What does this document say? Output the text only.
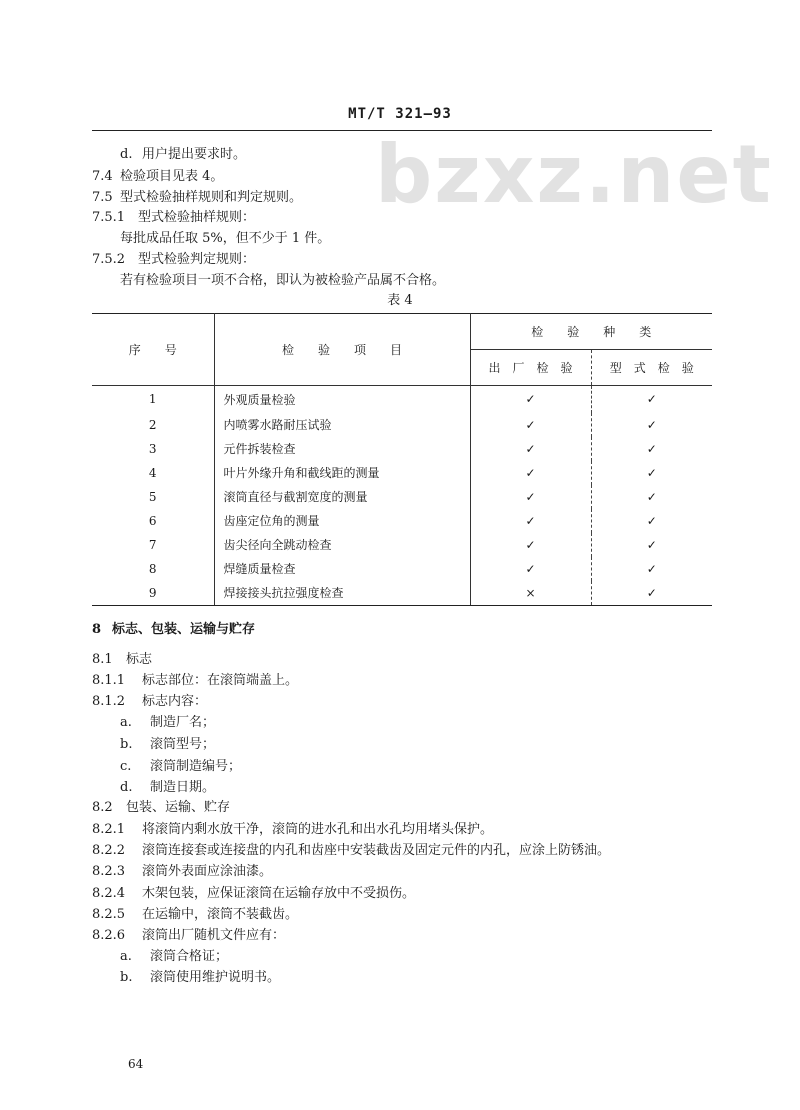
MT/T 321—93
bzxz.net
d. 用户提出要求时。
7.4 检验项目见表 4。
7.5 型式检验抽样规则和判定规则。
7.5.1 型式检验抽样规则：
每批成品任取 5%，但不少于 1 件。
7.5.2 型式检验判定规则：
若有检验项目一项不合格，即认为被检验产品属不合格。
表 4
序　　号	检　　验　　项　　目	检　　验　　种　　类	
		出　厂　检　验	型　式　检　验
1	外观质量检验	✓	✓
2	内喷雾水路耐压试验	✓	✓
3	元件拆装检查	✓	✓
4	叶片外缘升角和截线距的测量	✓	✓
5	滚筒直径与截割宽度的测量	✓	✓
6	齿座定位角的测量	✓	✓
7	齿尖径向全跳动检查	✓	✓
8	焊缝质量检查	✓	✓
9	焊接接头抗拉强度检查	×	✓
8 标志、包装、运输与贮存
8.1 标志
8.1.1 标志部位：在滚筒端盖上。
8.1.2 标志内容：
a. 制造厂名；
b. 滚筒型号；
c. 滚筒制造编号；
d. 制造日期。
8.2 包装、运输、贮存
8.2.1 将滚筒内剩水放干净，滚筒的进水孔和出水孔均用堵头保护。
8.2.2 滚筒连接套或连接盘的内孔和齿座中安装截齿及固定元件的内孔，应涂上防锈油。
8.2.3 滚筒外表面应涂油漆。
8.2.4 木架包装，应保证滚筒在运输存放中不受损伤。
8.2.5 在运输中，滚筒不装截齿。
8.2.6 滚筒出厂随机文件应有：
a. 滚筒合格证；
b. 滚筒使用维护说明书。
64
